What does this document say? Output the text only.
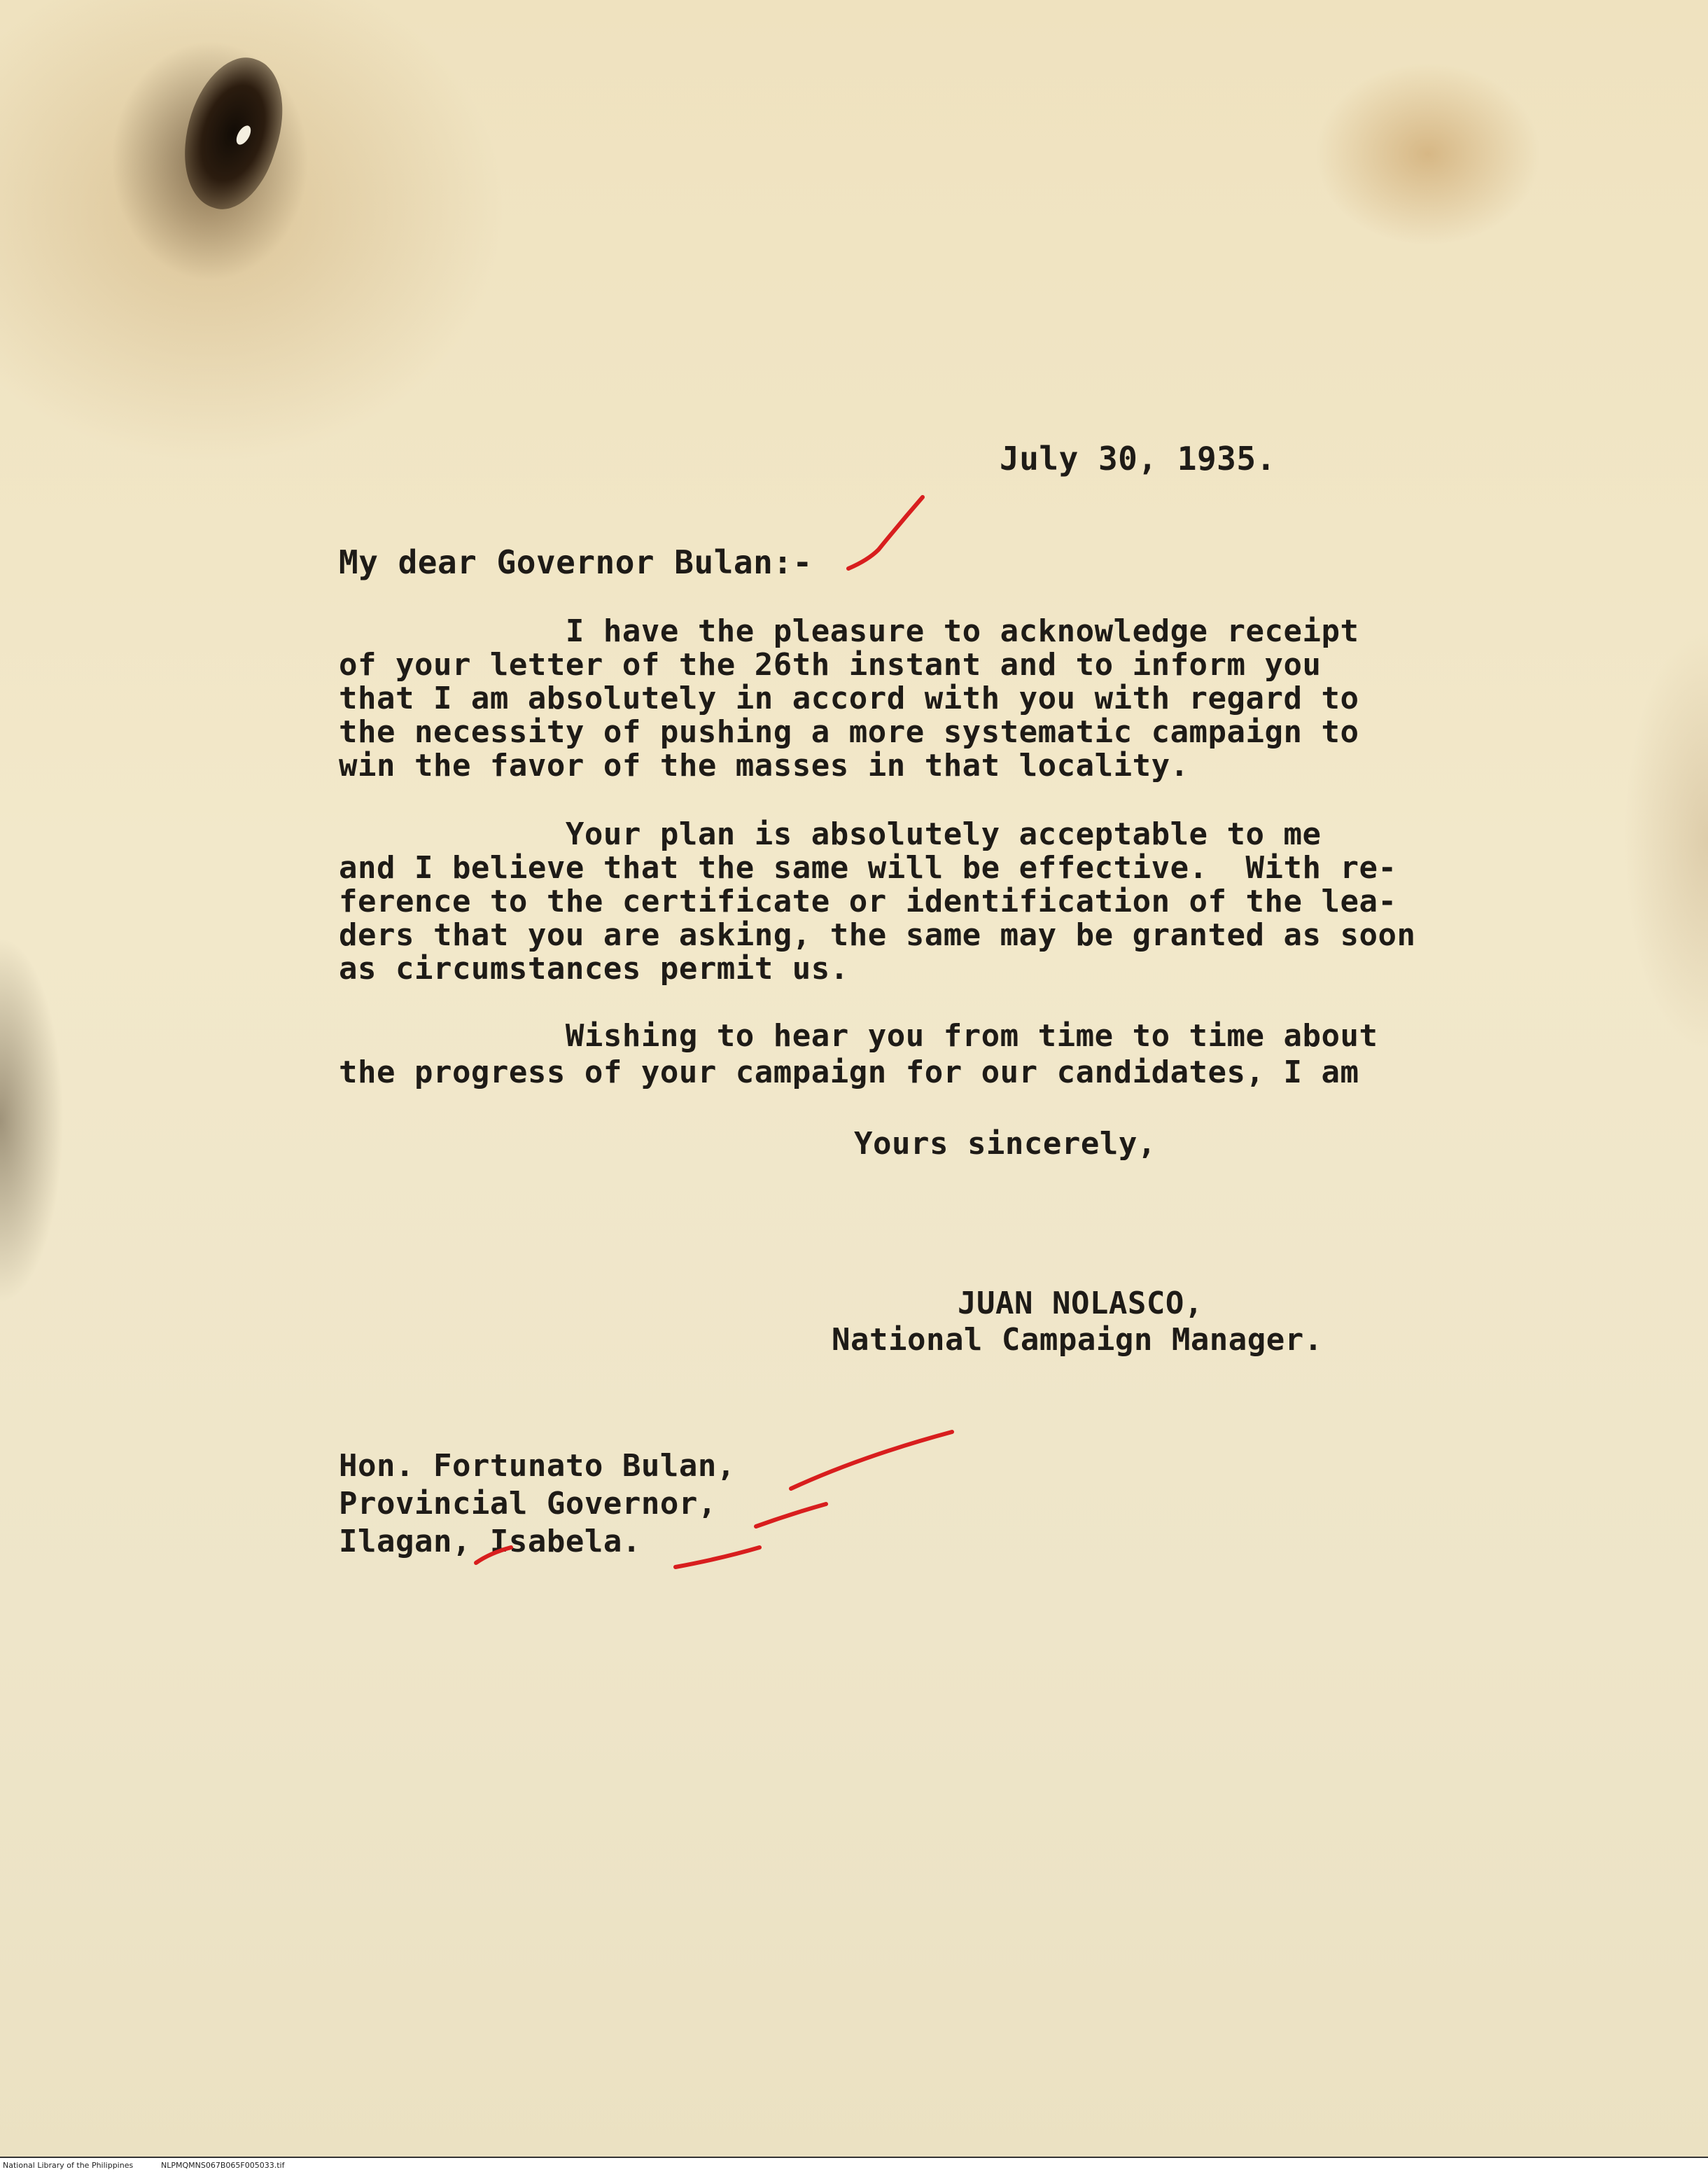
July 30, 1935.
My dear Governor Bulan:-
I have the pleasure to acknowledge receipt
of your letter of the 26th instant and to inform you
that I am absolutely in accord with you with regard to
the necessity of pushing a more systematic campaign to
win the favor of the masses in that locality.
Your plan is absolutely acceptable to me
and I believe that the same will be effective.  With re-
ference to the certificate or identification of the lea-
ders that you are asking, the same may be granted as soon
as circumstances permit us.
Wishing to hear you from time to time about
the progress of your campaign for our candidates, I am
Yours sincerely,
JUAN NOLASCO,
National Campaign Manager.
Hon. Fortunato Bulan,
Provincial Governor,
Ilagan, Isabela.
National Library of the Philippines	NLPMQMNS067B065F005033.tif
